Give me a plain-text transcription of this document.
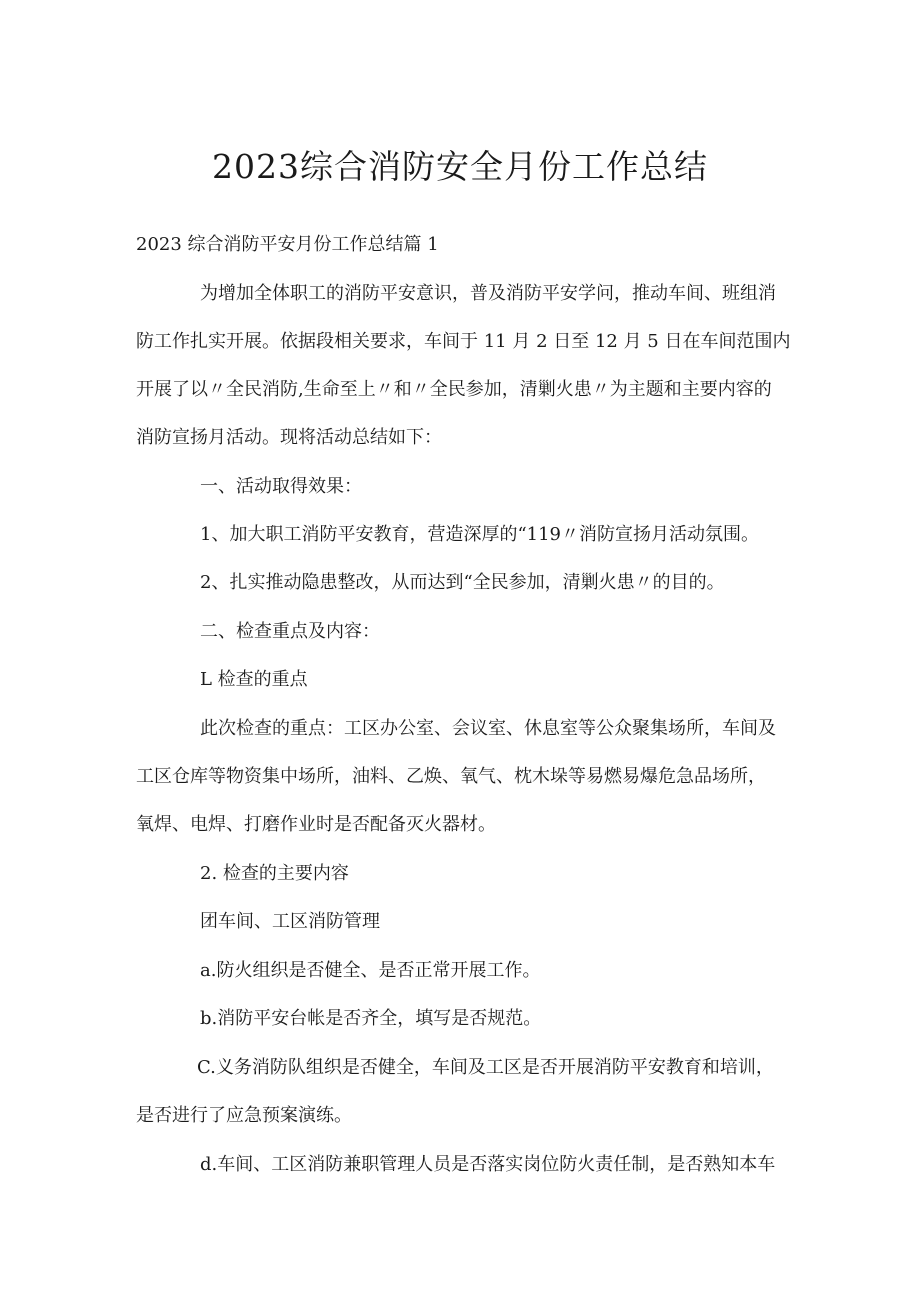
2023综合消防安全月份工作总结

2023 综合消防平安月份工作总结篇 1

为增加全体职工的消防平安意识，普及消防平安学问，推动车间、班组消

防工作扎实开展。依据段相关要求，车间于 11 月 2 日至 12 月 5 日在车间范围内

开展了以〃全民消防,生命至上〃和〃全民参加，清剿火患〃为主题和主要内容的

消防宣扬月活动。现将活动总结如下：

一、活动取得效果：

1、加大职工消防平安教育，营造深厚的“119〃消防宣扬月活动氛围。

2、扎实推动隐患整改，从而达到“全民参加，清剿火患〃的目的。

二、检查重点及内容：

L 检查的重点

此次检查的重点：工区办公室、会议室、休息室等公众聚集场所，车间及

工区仓库等物资集中场所，油料、乙焕、氧气、枕木垛等易燃易爆危急品场所，

氧焊、电焊、打磨作业时是否配备灭火器材。

2. 检查的主要内容

团车间、工区消防管理

a.防火组织是否健全、是否正常开展工作。

b.消防平安台帐是否齐全，填写是否规范。

C.义务消防队组织是否健全，车间及工区是否开展消防平安教育和培训，

是否进行了应急预案演练。

d.车间、工区消防兼职管理人员是否落实岗位防火责任制，是否熟知本车
